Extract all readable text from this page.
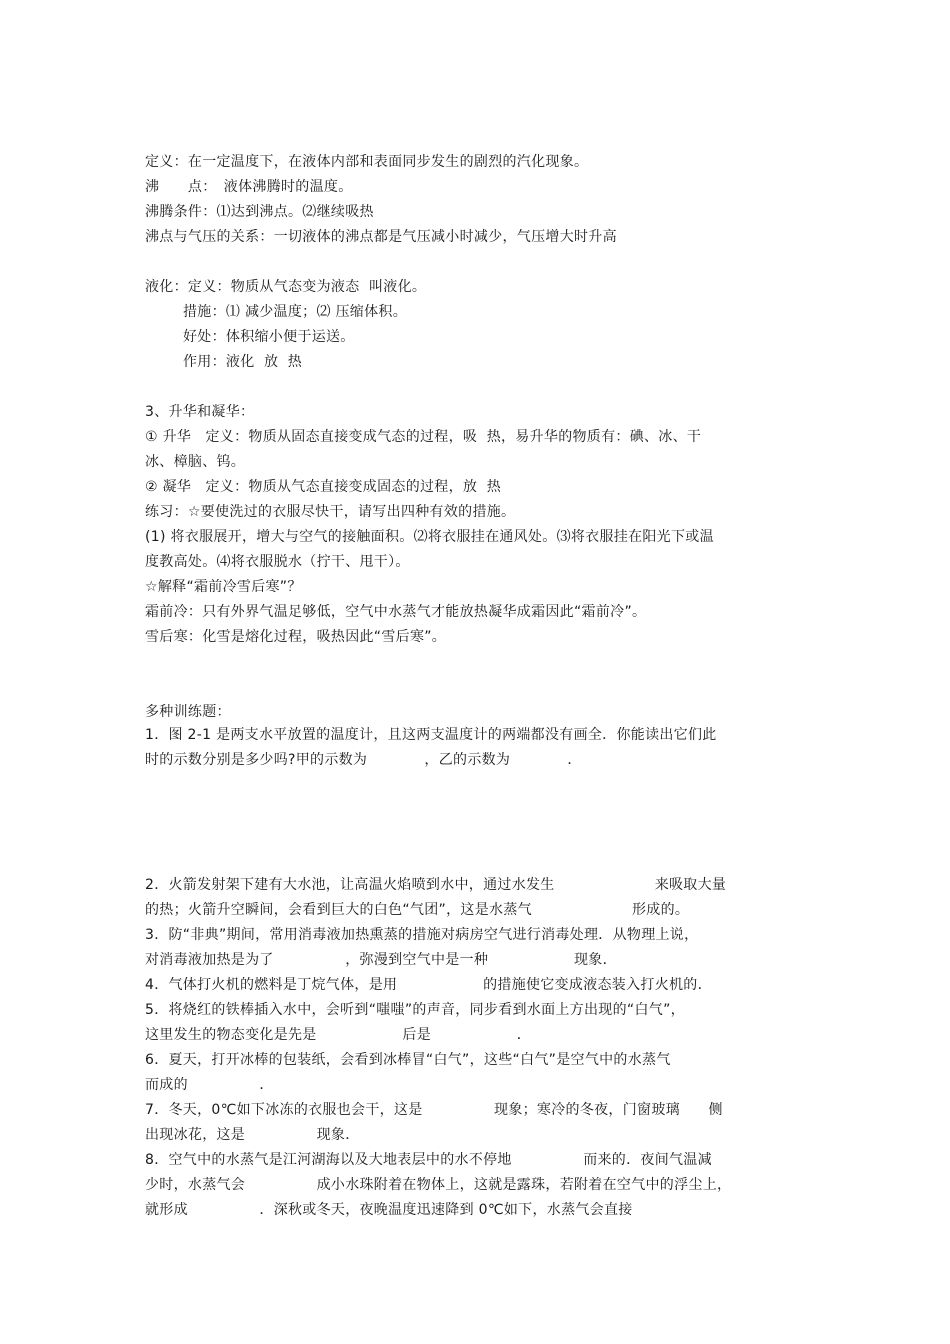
定义：在一定温度下，在液体内部和表面同步发生的剧烈的汽化现象。
沸　　点：　液体沸腾时的温度。
沸腾条件：⑴达到沸点。⑵继续吸热
沸点与气压的关系：一切液体的沸点都是气压减小时减少，气压增大时升高
液化：定义：物质从气态变为液态  叫液化。
措施：⑴ 减少温度；⑵ 压缩体积。
好处：体积缩小便于运送。
作用：液化  放  热
3、升华和凝华：
① 升华　定义：物质从固态直接变成气态的过程，吸  热，易升华的物质有：碘、冰、干
冰、樟脑、钨。
② 凝华　定义：物质从气态直接变成固态的过程，放  热
练习：☆要使洗过的衣服尽快干，请写出四种有效的措施。
(1) 将衣服展开，增大与空气的接触面积。⑵将衣服挂在通风处。⑶将衣服挂在阳光下或温
度教高处。⑷将衣服脱水（拧干、甩干）。
☆解释“霜前冷雪后寒”？
霜前冷：只有外界气温足够低，空气中水蒸气才能放热凝华成霜因此“霜前冷”。
雪后寒：化雪是熔化过程，吸热因此“雪后寒”。
多种训练题：
1．图 2-1 是两支水平放置的温度计，且这两支温度计的两端都没有画全．你能读出它们此
时的示数分别是多少吗?甲的示数为　　　　，乙的示数为　　　　．
2．火箭发射架下建有大水池，让高温火焰喷到水中，通过水发生　　　　　　　来吸取大量
的热；火箭升空瞬间，会看到巨大的白色“气团”，这是水蒸气　　　　　　　形成的。
3．防“非典”期间，常用消毒液加热熏蒸的措施对病房空气进行消毒处理．从物理上说，
对消毒液加热是为了　　　　　，弥漫到空气中是一种　　　　　　现象．
4．气体打火机的燃料是丁烷气体，是用　　　　　　的措施使它变成液态装入打火机的．
5．将烧红的铁棒插入水中，会听到“嗤嗤”的声音，同步看到水面上方出现的“白气”，
这里发生的物态变化是先是　　　　　　后是　　　　　　．
6．夏天，打开冰棒的包装纸，会看到冰棒冒“白气”，这些“白气”是空气中的水蒸气
而成的　　　　　．
7．冬天，0℃如下冰冻的衣服也会干，这是　　　　　现象；寒冷的冬夜，门窗玻璃　　侧
出现冰花，这是　　　　　现象．
8．空气中的水蒸气是江河湖海以及大地表层中的水不停地　　　　　而来的．夜间气温减
少时，水蒸气会　　　　　成小水珠附着在物体上，这就是露珠，若附着在空气中的浮尘上，
就形成　　　　　．深秋或冬天，夜晚温度迅速降到 0℃如下，水蒸气会直接
